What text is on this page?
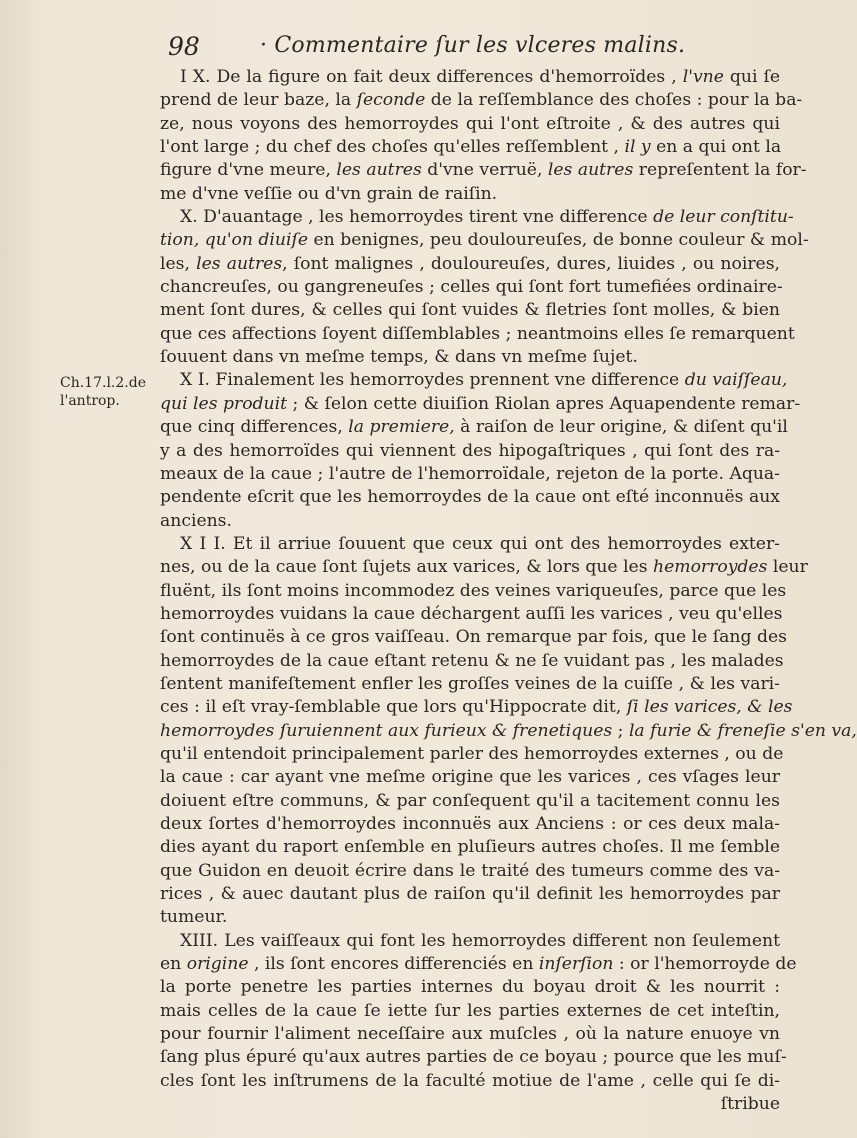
98	· Commentaire ſur les vlceres malins.
Ch.17.l.2.de
l'antrop.
I X. De la figure on fait deux differences d'hemorroïdes , l'vne qui ſe
prend de leur baze, la ſeconde de la reſſemblance des choſes : pour la ba-
ze, nous voyons des hemorroydes qui l'ont eſtroite , & des autres qui
l'ont large ; du chef des choſes qu'elles reſſemblent , il y en a qui ont la
figure d'vne meure, les autres d'vne verruë, les autres repreſentent la for-
me d'vne veſſie ou d'vn grain de raiſin.
X. D'auantage , les hemorroydes tirent vne difference de leur conſtitu-
tion, qu'on diuiſe en benignes, peu douloureuſes, de bonne couleur & mol-
les, les autres, ſont malignes , douloureuſes, dures, liuides , ou noires,
chancreuſes, ou gangreneuſes ; celles qui ſont fort tumefiées ordinaire-
ment ſont dures, & celles qui ſont vuides & fletries ſont molles, & bien
que ces affections ſoyent diſſemblables ; neantmoins elles ſe remarquent
ſouuent dans vn meſme temps, & dans vn meſme ſujet.
X I. Finalement les hemorroydes prennent vne difference du vaiſſeau,
qui les produit ; & ſelon cette diuiſion Riolan apres Aquapendente remar-
que cinq differences, la premiere, à raiſon de leur origine, & diſent qu'il
y a des hemorroïdes qui viennent des hipogaſtriques , qui ſont des ra-
meaux de la caue ; l'autre de l'hemorroïdale, rejeton de la porte. Aqua-
pendente eſcrit que les hemorroydes de la caue ont eſté inconnuës aux
anciens.
X I I. Et il arriue ſouuent que ceux qui ont des hemorroydes exter-
nes, ou de la caue ſont ſujets aux varices, & lors que les hemorroydes leur
fluënt, ils ſont moins incommodez des veines variqueuſes, parce que les
hemorroydes vuidans la caue déchargent auſſi les varices , veu qu'elles
ſont continuës à ce gros vaiſſeau. On remarque par fois, que le ſang des
hemorroydes de la caue eſtant retenu & ne ſe vuidant pas , les malades
ſentent manifeſtement enfler les groſſes veines de la cuiſſe , & les vari-
ces : il eſt vray-ſemblable que lors qu'Hippocrate dit, ſi les varices, & les
hemorroydes ſuruiennent aux furieux & frenetiques ; la furie & freneſie s'en va,
qu'il entendoit principalement parler des hemorroydes externes , ou de
la caue : car ayant vne meſme origine que les varices , ces vſages leur
doiuent eſtre communs, & par conſequent qu'il a tacitement connu les
deux ſortes d'hemorroydes inconnuës aux Anciens : or ces deux mala-
dies ayant du raport enſemble en pluſieurs autres choſes. Il me ſemble
que Guidon en deuoit écrire dans le traité des tumeurs comme des va-
rices , & auec dautant plus de raiſon qu'il definit les hemorroydes par
tumeur.
XIII. Les vaiſſeaux qui font les hemorroydes different non ſeulement
en origine , ils ſont encores differenciés en inſerſion : or l'hemorroyde de
la porte penetre les parties internes du boyau droit & les nourrit :
mais celles de la caue ſe iette ſur les parties externes de cet inteſtin,
pour fournir l'aliment neceſſaire aux muſcles , où la nature enuoye vn
ſang plus épuré qu'aux autres parties de ce boyau ; pource que les muſ-
cles ſont les inſtrumens de la faculté motiue de l'ame , celle qui ſe di-
ſtribue
